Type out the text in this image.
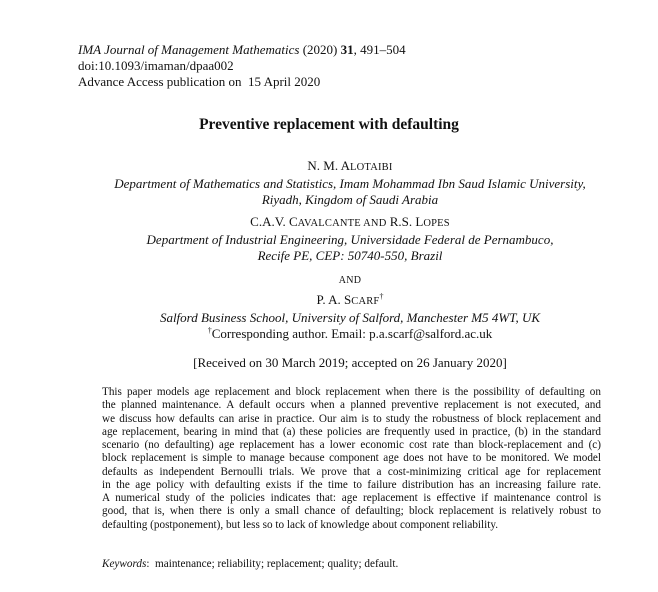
IMA Journal of Management Mathematics (2020) 31, 491–504
doi:10.1093/imaman/dpaa002
Advance Access publication on  15 April 2020
Preventive replacement with defaulting
N. M. ALOTAIBI
Department of Mathematics and Statistics, Imam Mohammad Ibn Saud Islamic University,
Riyadh, Kingdom of Saudi Arabia
C.A.V. CAVALCANTE AND R.S. LOPES
Department of Industrial Engineering, Universidade Federal de Pernambuco,
Recife PE, CEP: 50740-550, Brazil
AND
P. A. SCARF†
Salford Business School, University of Salford, Manchester M5 4WT, UK
†Corresponding author. Email: p.a.scarf@salford.ac.uk
[Received on 30 March 2019; accepted on 26 January 2020]
This paper models age replacement and block replacement when there is the possibility of defaulting on
the planned maintenance. A default occurs when a planned preventive replacement is not executed, and
we discuss how defaults can arise in practice. Our aim is to study the robustness of block replacement and
age replacement, bearing in mind that (a) these policies are frequently used in practice, (b) in the standard
scenario (no defaulting) age replacement has a lower economic cost rate than block-replacement and (c)
block replacement is simple to manage because component age does not have to be monitored. We model
defaults as independent Bernoulli trials. We prove that a cost-minimizing critical age for replacement
in the age policy with defaulting exists if the time to failure distribution has an increasing failure rate.
A numerical study of the policies indicates that: age replacement is effective if maintenance control is
good, that is, when there is only a small chance of defaulting; block replacement is relatively robust to
defaulting (postponement), but less so to lack of knowledge about component reliability.
Keywords:  maintenance; reliability; replacement; quality; default.
